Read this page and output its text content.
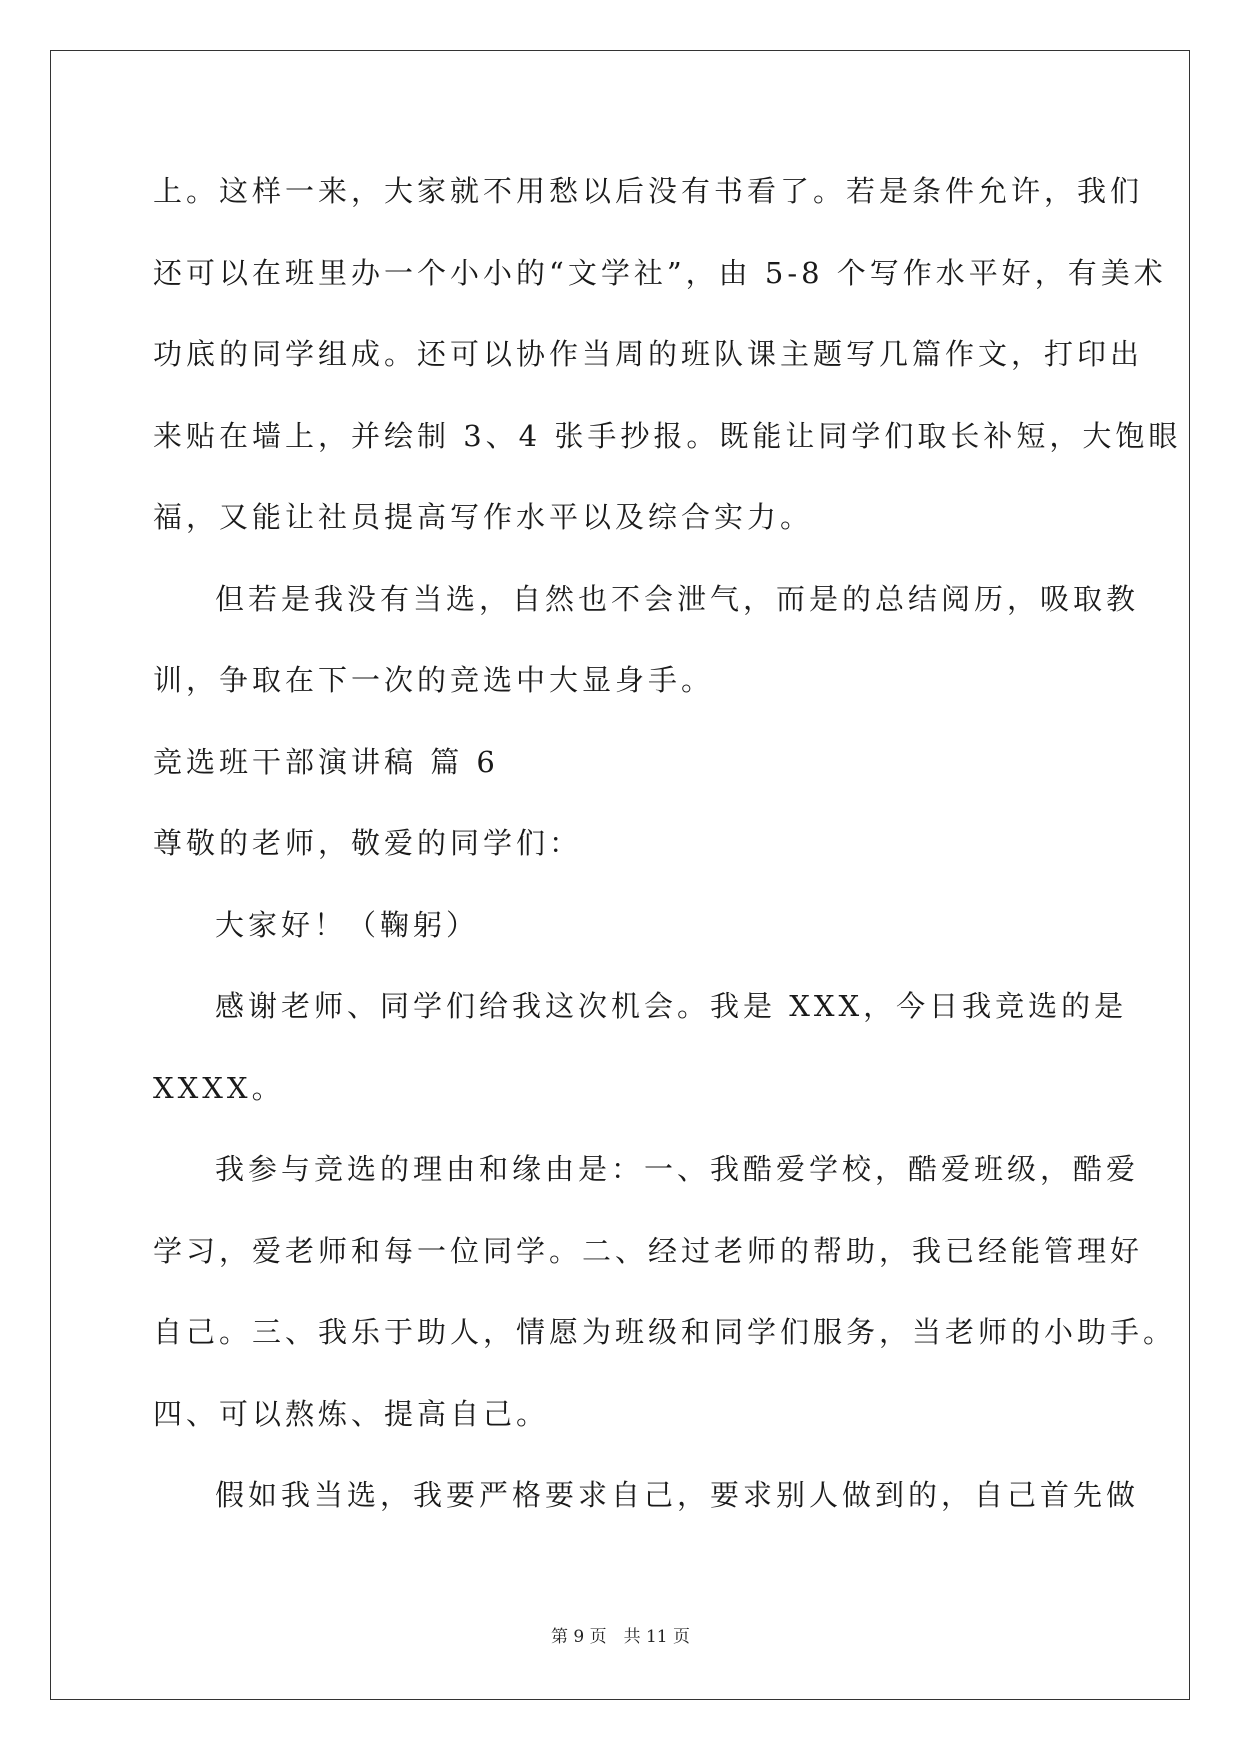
上。这样一来，大家就不用愁以后没有书看了。若是条件允许，我们
还可以在班里办一个小小的“文学社”，由 5-8 个写作水平好，有美术
功底的同学组成。还可以协作当周的班队课主题写几篇作文，打印出
来贴在墙上，并绘制 3、4 张手抄报。既能让同学们取长补短，大饱眼
福，又能让社员提高写作水平以及综合实力。
但若是我没有当选，自然也不会泄气，而是的总结阅历，吸取教
训，争取在下一次的竞选中大显身手。
竞选班干部演讲稿 篇 6
尊敬的老师，敬爱的同学们：
大家好！（鞠躬）
感谢老师、同学们给我这次机会。我是 XXX，今日我竞选的是
XXXX。
我参与竞选的理由和缘由是：一、我酷爱学校，酷爱班级，酷爱
学习，爱老师和每一位同学。二、经过老师的帮助，我已经能管理好
自己。三、我乐于助人，情愿为班级和同学们服务，当老师的小助手。
四、可以熬炼、提高自己。
假如我当选，我要严格要求自己，要求别人做到的，自己首先做
第 9 页　共 11 页
